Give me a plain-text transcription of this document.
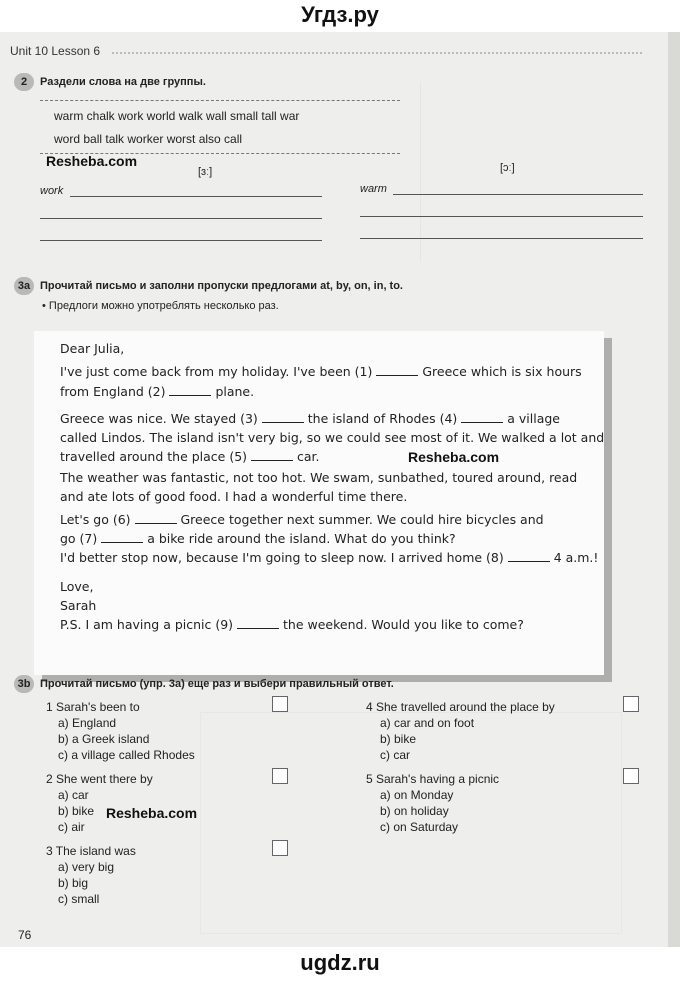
Угдз.ру
Unit 10 Lesson 6
2	Раздели слова на две группы.
warm chalk work world walk wall small tall war
word ball talk worker worst also call
Resheba.com
[ɜː]	[ɔː]
work	warm
3a Прочитай письмо и заполни пропуски предлогами at, by, on, in, to.
• Предлоги можно употреблять несколько раз.
Dear Julia,
I've just come back from my holiday. I've been (1)	Greece which is six hours
from England (2)	plane.
Greece was nice. We stayed (3)	the island of Rhodes (4)	a village
called Lindos. The island isn't very big, so we could see most of it. We walked a lot and
travelled around the place (5)	car.	Resheba.com
The weather was fantastic, not too hot. We swam, sunbathed, toured around, read
and ate lots of good food. I had a wonderful time there.
Let's go (6)	Greece together next summer. We could hire bicycles and
go (7)	a bike ride around the island. What do you think?
I'd better stop now, because I'm going to sleep now. I arrived home (8)	4 a.m.!
Love,
Sarah
P.S. I am having a picnic (9)	the weekend. Would you like to come?
3b Прочитай письмо (упр. 3а) еще раз и выбери правильный ответ.
1 Sarah's been to
a) England
b) a Greek island
c) a village called Rhodes
2 She went there by
a) car
b) bike
c) air
Resheba.com
3 The island was
a) very big
b) big
c) small
4 She travelled around the place by
a) car and on foot
b) bike
c) car
5 Sarah's having a picnic
a) on Monday
b) on holiday
c) on Saturday
76
ugdz.ru
